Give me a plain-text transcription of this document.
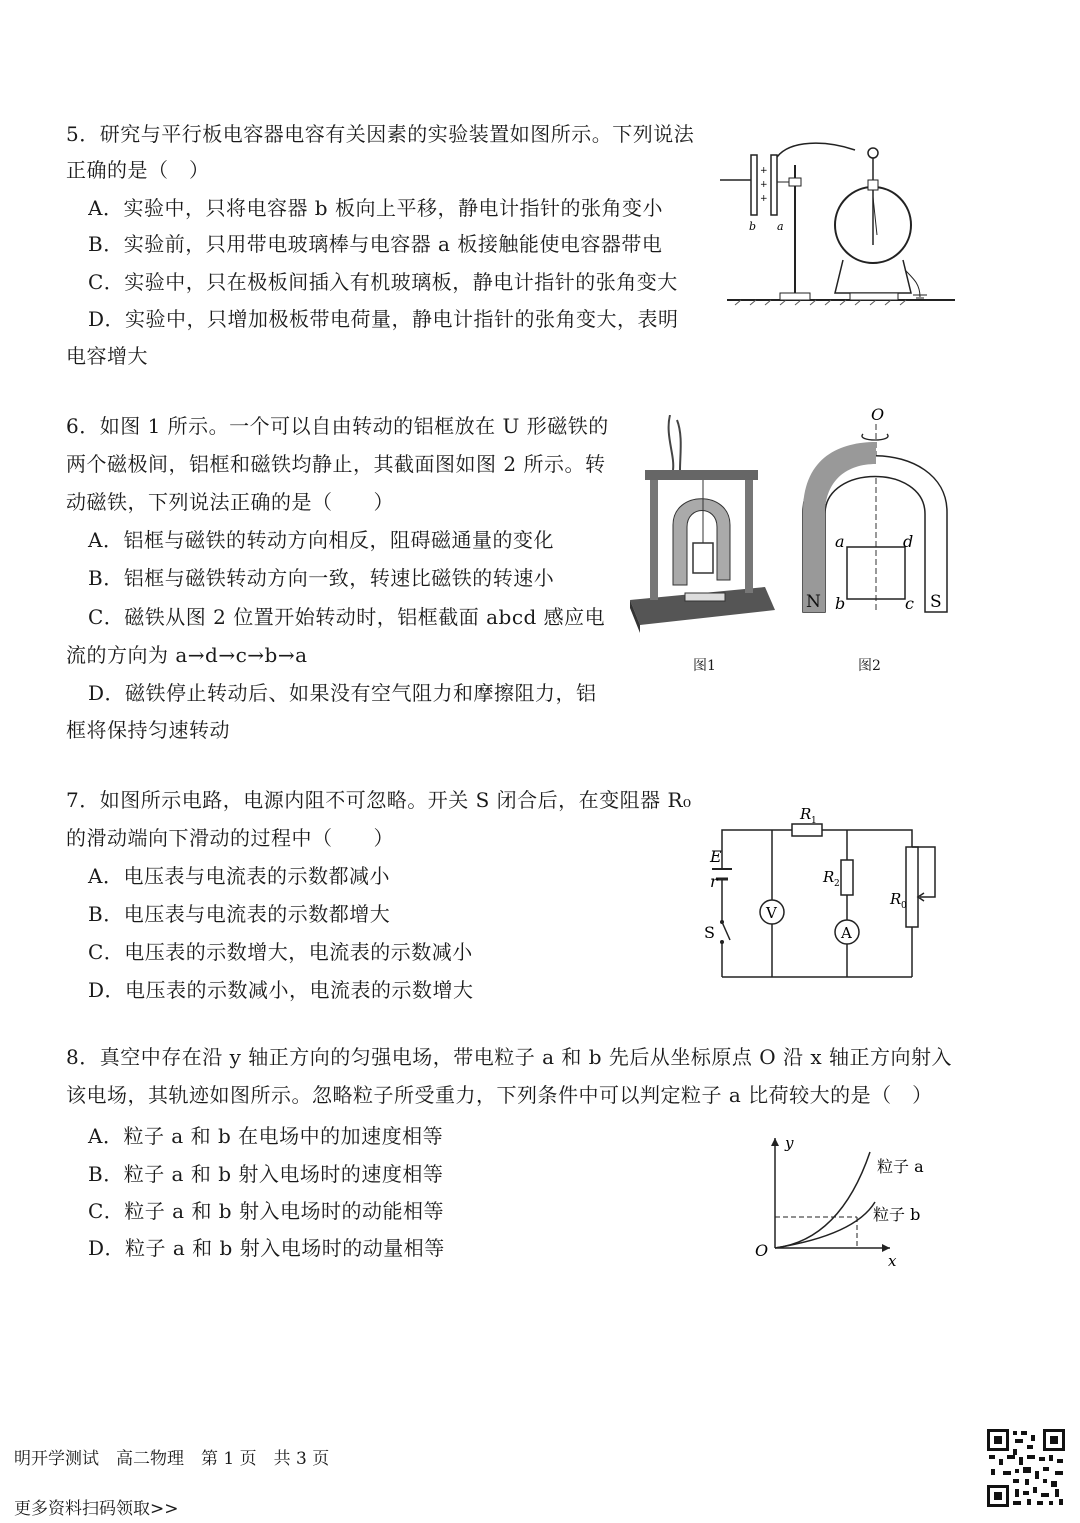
5．研究与平行板电容器电容有关因素的实验装置如图所示。下列说法
正确的是（　）
A．实验中，只将电容器 b 板向上平移，静电计指针的张角变小
B．实验前，只用带电玻璃棒与电容器 a 板接触能使电容器带电
C．实验中，只在极板间插入有机玻璃板，静电计指针的张角变大
D．实验中，只增加极板带电荷量，静电计指针的张角变大，表明
电容增大
+
+
+
b a
6．如图 1 所示。一个可以自由转动的铝框放在 U 形磁铁的
两个磁极间，铝框和磁铁均静止，其截面图如图 2 所示。转
动磁铁，下列说法正确的是（　　）
A．铝框与磁铁的转动方向相反，阻碍磁通量的变化
B．铝框与磁铁转动方向一致，转速比磁铁的转速小
C．磁铁从图 2 位置开始转动时，铝框截面 abcd 感应电
流的方向为 a→d→c→b→a
D．磁铁停止转动后、如果没有空气阻力和摩擦阻力，铝
框将保持匀速转动
图1
O
a	d
b	c
N	S
图2
7．如图所示电路，电源内阻不可忽略。开关 S 闭合后，在变阻器 R₀
的滑动端向下滑动的过程中（　　）
A．电压表与电流表的示数都减小
B．电压表与电流表的示数都增大
C．电压表的示数增大，电流表的示数减小
D．电压表的示数减小，电流表的示数增大
R 1
R 2
R 0
E
r
S
V
A
8．真空中存在沿 y 轴正方向的匀强电场，带电粒子 a 和 b 先后从坐标原点 O 沿 x 轴正方向射入
该电场，其轨迹如图所示。忽略粒子所受重力，下列条件中可以判定粒子 a 比荷较大的是（　）
A．粒子 a 和 b 在电场中的加速度相等
B．粒子 a 和 b 射入电场时的速度相等
C．粒子 a 和 b 射入电场时的动能相等
D．粒子 a 和 b 射入电场时的动量相等
y
x
O
粒子 a
粒子 b
明开学测试　高二物理　第 1 页　共 3 页
更多资料扫码领取>>
